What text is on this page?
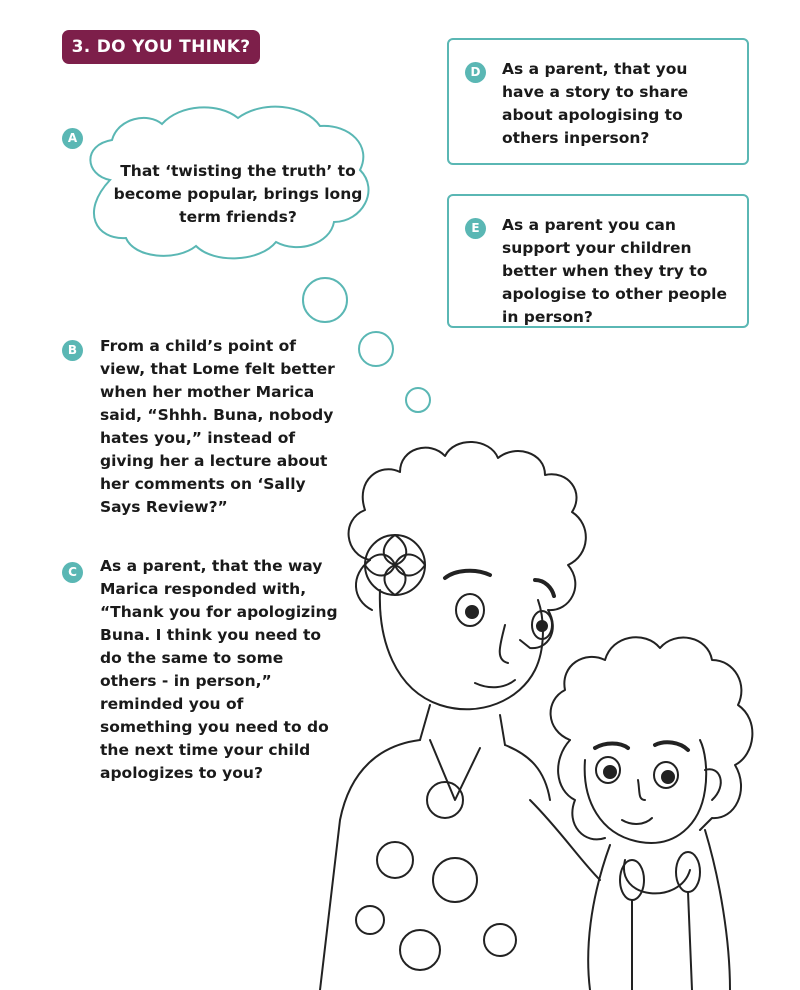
3. DO YOU THINK?
A
That ‘twisting the truth’ to become popular, brings long term friends?
B	From a child’s point of view, that Lome felt better when her mother Marica said, “Shhh. Buna, nobody hates you,” instead of giving her a lecture about her comments on ‘Sally Says Review?”
C	As a parent, that the way Marica responded with, “Thank you for apologizing Buna. I think you need to do the same to some others - in person,” reminded you of something you need to do the next time your child apologizes to you?
D	As a parent, that you have a story to share about apologising to others inperson?
E	As a parent you can support your children better when they try to apologise to other people in person?
